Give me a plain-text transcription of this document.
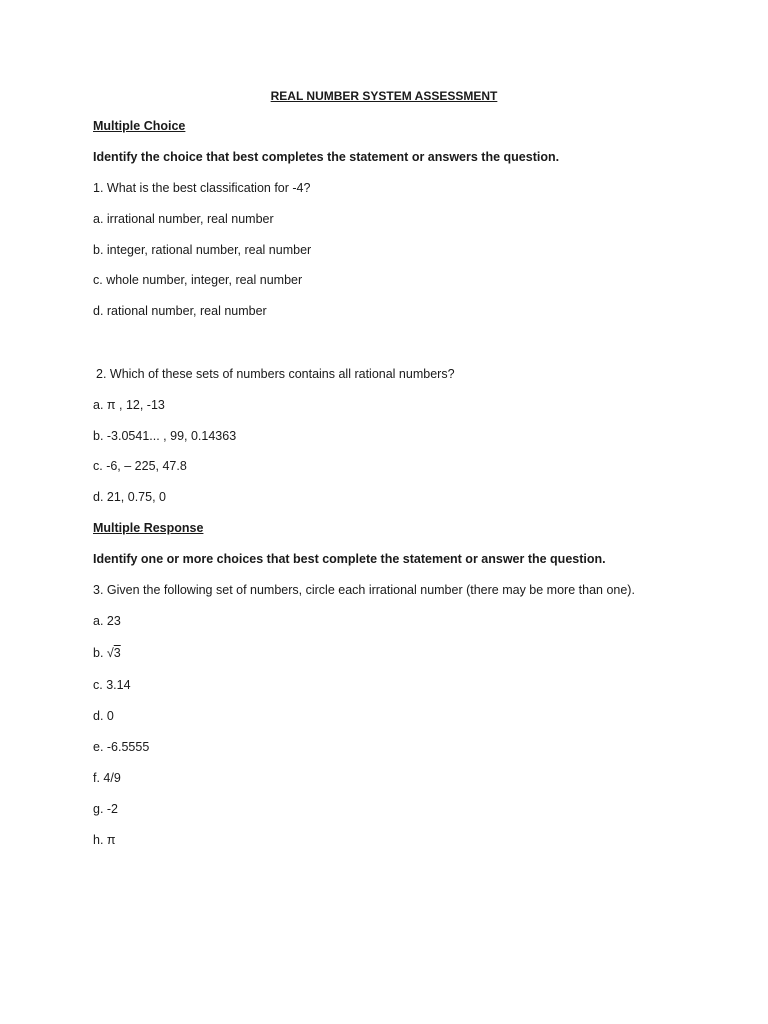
REAL NUMBER SYSTEM ASSESSMENT
Multiple Choice
Identify the choice that best completes the statement or answers the question.
1. What is the best classification for -4?
a. irrational number, real number
b. integer, rational number, real number
c. whole number, integer, real number
d. rational number, real number
2. Which of these sets of numbers contains all rational numbers?
a. π , 12, -13
b. -3.0541... , 99, 0.14363
c. -6, – 225, 47.8
d. 21, 0.75, 0
Multiple Response
Identify one or more choices that best complete the statement or answer the question.
3. Given the following set of numbers, circle each irrational number (there may be more than one).
a. 23
b. √3
c. 3.14
d. 0
e. -6.5555
f. 4/9
g. -2
h. π
